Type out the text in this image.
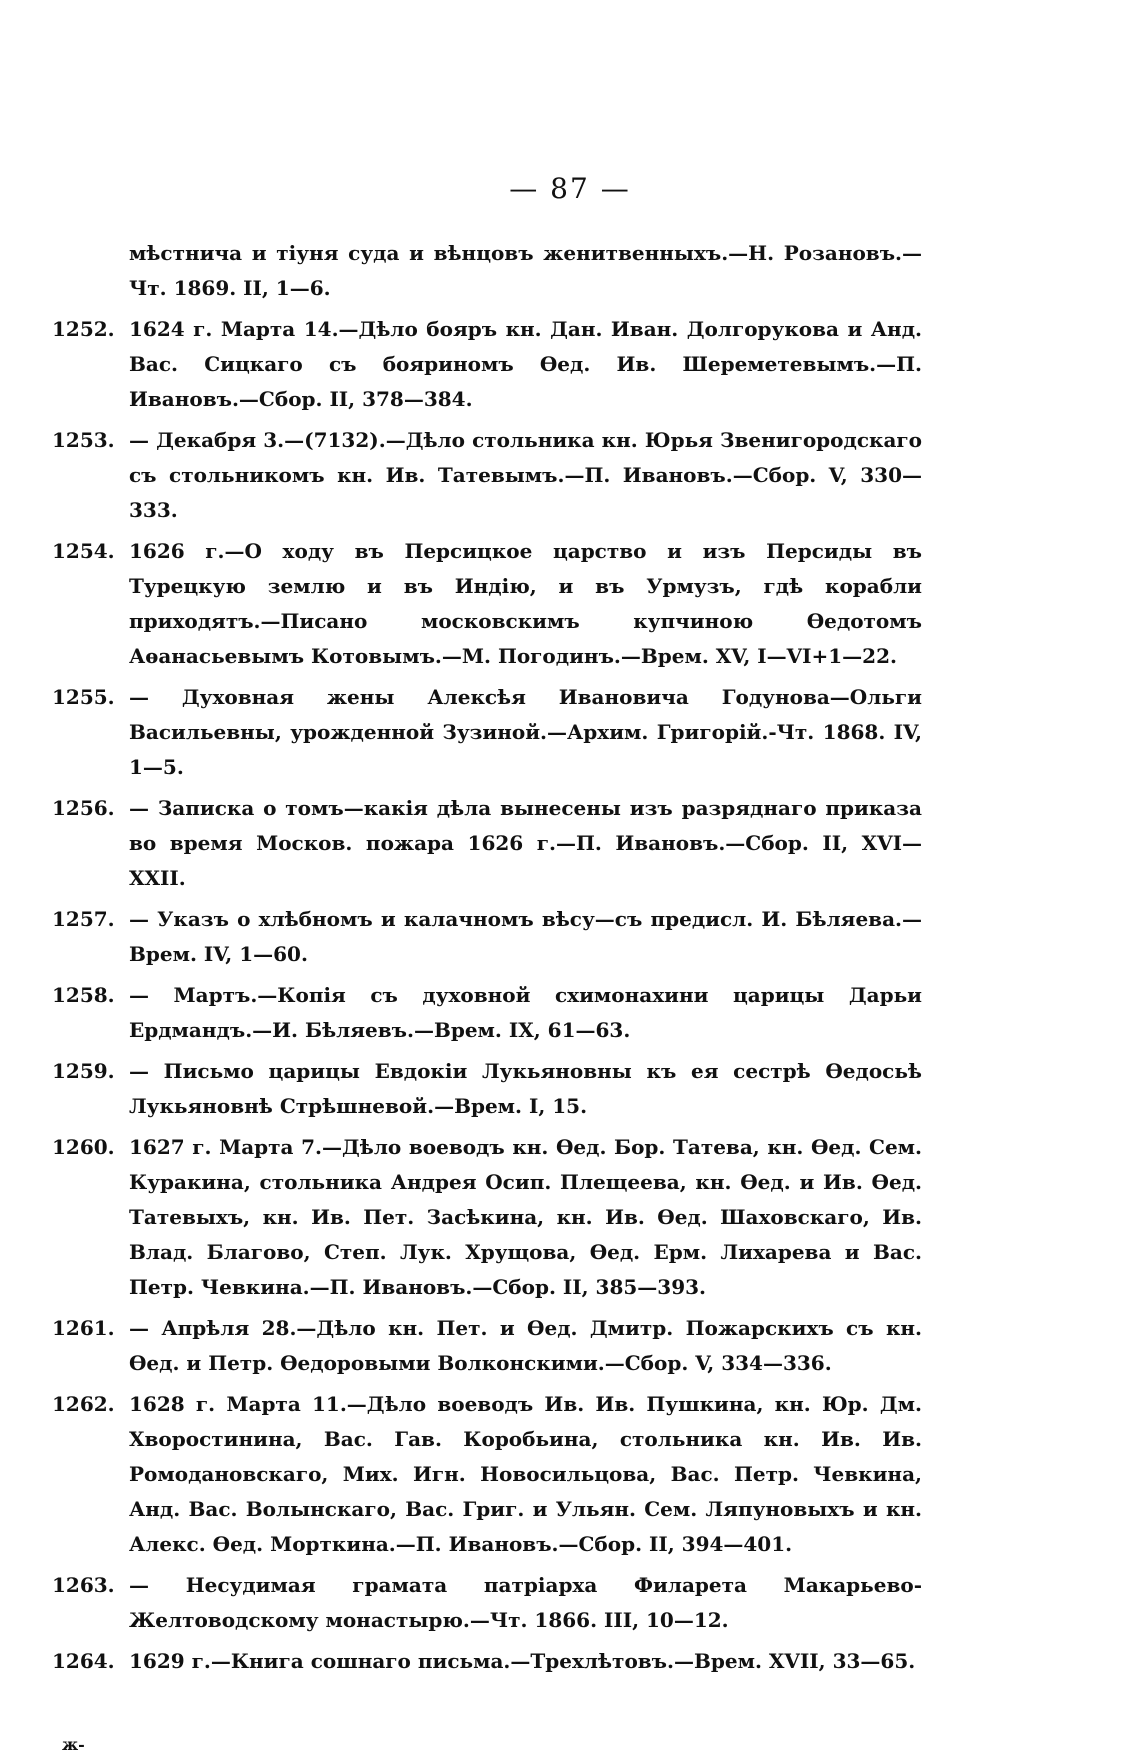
— 87 —
мѣстнича и тіуня суда и вѣнцовъ женитвенныхъ.—Н. Розановъ.—Чт. 1869. II, 1—6.
1252. 1624 г. Марта 14.—Дѣло бояръ кн. Дан. Иван. Долгорукова и Анд. Вас. Сицкаго съ бояриномъ Ѳед. Ив. Шереметевымъ.—П. Ивановъ.—Сбор. II, 378—384.
1253. — Декабря 3.—(7132).—Дѣло стольника кн. Юрья Звенигородскаго съ стольникомъ кн. Ив. Татевымъ.—П. Ивановъ.—Сбор. V, 330—333.
1254. 1626 г.—О ходу въ Персицкое царство и изъ Персиды въ Турецкую землю и въ Индію, и въ Урмузъ, гдѣ корабли приходятъ.—Писано московскимъ купчиною Ѳедотомъ Аѳанасьевымъ Котовымъ.—М. Погодинъ.—Врем. XV, I—VI+1—22.
1255. — Духовная жены Алексѣя Ивановича Годунова—Ольги Васильевны, урожденной Зузиной.—Архим. Григорій.-Чт. 1868. IV, 1—5.
1256. — Записка о томъ—какія дѣла вынесены изъ разряднаго приказа во время Москов. пожара 1626 г.—П. Ивановъ.—Сбор. II, XVI—XXII.
1257. — Указъ о хлѣбномъ и калачномъ вѣсу—съ предисл. И. Бѣляева.—Врем. IV, 1—60.
1258. — Мартъ.—Копія съ духовной схимонахини царицы Дарьи Ердмандъ.—И. Бѣляевъ.—Врем. IX, 61—63.
1259. — Письмо царицы Евдокіи Лукьяновны къ ея сестрѣ Ѳедосьѣ Лукьяновнѣ Стрѣшневой.—Врем. I, 15.
1260. 1627 г. Марта 7.—Дѣло воеводъ кн. Ѳед. Бор. Татева, кн. Ѳед. Сем. Куракина, стольника Андрея Осип. Плещеева, кн. Ѳед. и Ив. Ѳед. Татевыхъ, кн. Ив. Пет. Засѣкина, кн. Ив. Ѳед. Шаховскаго, Ив. Влад. Благово, Степ. Лук. Хрущова, Ѳед. Ерм. Лихарева и Вас. Петр. Чевкина.—П. Ивановъ.—Сбор. II, 385—393.
1261. — Апрѣля 28.—Дѣло кн. Пет. и Ѳед. Дмитр. Пожарскихъ съ кн. Ѳед. и Петр. Ѳедоровыми Волконскими.—Сбор. V, 334—336.
1262. 1628 г. Марта 11.—Дѣло воеводъ Ив. Ив. Пушкина, кн. Юр. Дм. Хворостинина, Вас. Гав. Коробьина, стольника кн. Ив. Ив. Ромодановскаго, Мих. Игн. Новосильцова, Вас. Петр. Чевкина, Анд. Вас. Волынскаго, Вас. Григ. и Ульян. Сем. Ляпуновыхъ и кн. Алекс. Ѳед. Морткина.—П. Ивановъ.—Сбор. II, 394—401.
1263. — Несудимая грамата патріарха Филарета Макарьево-Желтоводскому монастырю.—Чт. 1866. III, 10—12.
1264. 1629 г.—Книга сошнаго письма.—Трехлѣтовъ.—Врем. XVII, 33—65.
ж-
